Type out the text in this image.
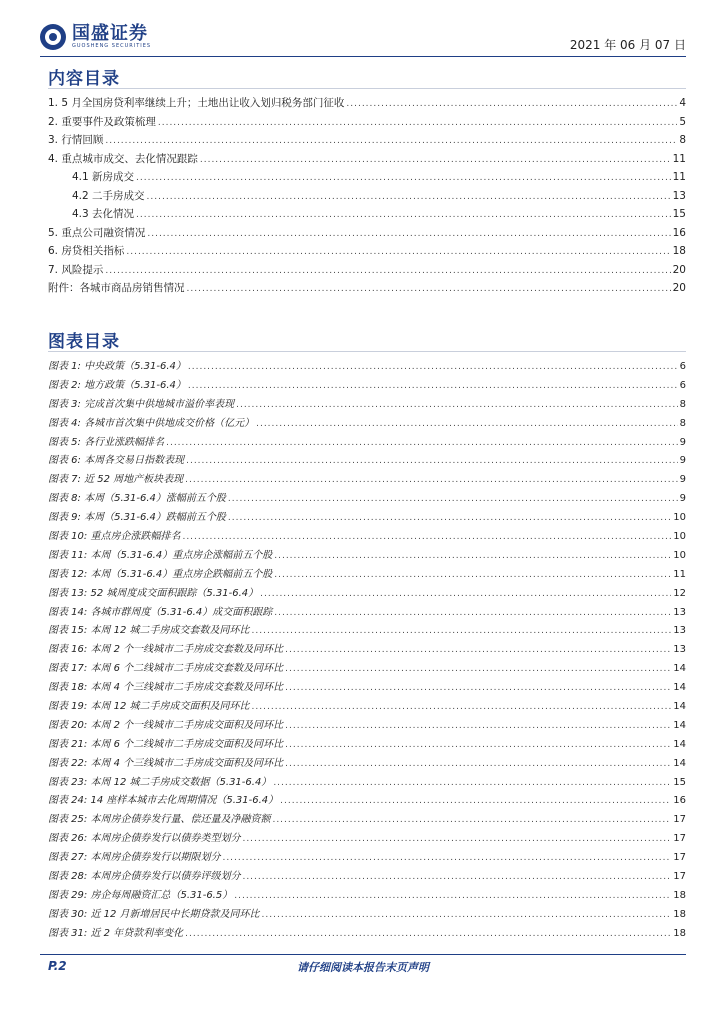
国盛证券
GUOSHENG SECURITIES	2021 年 06 月 07 日
内容目录
1. 5 月全国房贷利率继续上升；土地出让收入划归税务部门征收 .....	4
2. 重要事件及政策梳理 .....	5
3. 行情回顾 .....	8
4. 重点城市成交、去化情况跟踪 .....	11
4.1 新房成交 .....	11
4.2 二手房成交 .....	13
4.3 去化情况 .....	15
5. 重点公司融资情况 .....	16
6. 房贷相关指标 .....	18
7. 风险提示 .....	20
附件：各城市商品房销售情况 .....	20
图表目录
图表 1: 中央政策（5.31-6.4） .....	6
图表 2: 地方政策（5.31-6.4） .....	6
图表 3: 完成首次集中供地城市溢价率表现 .....	8
图表 4: 各城市首次集中供地成交价格（亿元） .....	8
图表 5: 各行业涨跌幅排名 .....	9
图表 6: 本周各交易日指数表现 .....	9
图表 7: 近 52 周地产板块表现 .....	9
图表 8: 本周（5.31-6.4）涨幅前五个股 .....	9
图表 9: 本周（5.31-6.4）跌幅前五个股 .....	10
图表 10: 重点房企涨跌幅排名 .....	10
图表 11: 本周（5.31-6.4）重点房企涨幅前五个股 .....	10
图表 12: 本周（5.31-6.4）重点房企跌幅前五个股 .....	11
图表 13: 52 城周度成交面积跟踪（5.31-6.4） .....	12
图表 14: 各城市群周度（5.31-6.4）成交面积跟踪 .....	13
图表 15: 本周 12 城二手房成交套数及同环比 .....	13
图表 16: 本周 2 个一线城市二手房成交套数及同环比 .....	13
图表 17: 本周 6 个二线城市二手房成交套数及同环比 .....	14
图表 18: 本周 4 个三线城市二手房成交套数及同环比 .....	14
图表 19: 本周 12 城二手房成交面积及同环比 .....	14
图表 20: 本周 2 个一线城市二手房成交面积及同环比 .....	14
图表 21: 本周 6 个二线城市二手房成交面积及同环比 .....	14
图表 22: 本周 4 个三线城市二手房成交面积及同环比 .....	14
图表 23: 本周 12 城二手房成交数据（5.31-6.4） .....	15
图表 24: 14 座样本城市去化周期情况（5.31-6.4） .....	16
图表 25: 本周房企债券发行量、偿还量及净融资额 .....	17
图表 26: 本周房企债券发行以债券类型划分 .....	17
图表 27: 本周房企债券发行以期限划分 .....	17
图表 28: 本周房企债券发行以债券评级划分 .....	17
图表 29: 房企每周融资汇总（5.31-6.5） .....	18
图表 30: 近 12 月新增居民中长期贷款及同环比 .....	18
图表 31: 近 2 年贷款利率变化 .....	18
P.2	请仔细阅读本报告末页声明
